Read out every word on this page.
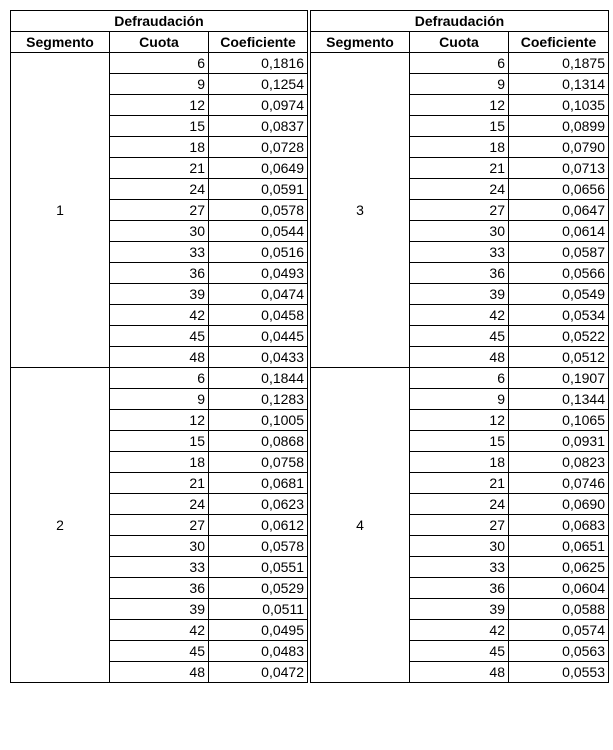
Defraudación		
Segmento	Cuota	Coeficiente
1	6	0,1816
	9	0,1254
	12	0,0974
	15	0,0837
	18	0,0728
	21	0,0649
	24	0,0591
	27	0,0578
	30	0,0544
	33	0,0516
	36	0,0493
	39	0,0474
	42	0,0458
	45	0,0445
	48	0,0433
2	6	0,1844
	9	0,1283
	12	0,1005
	15	0,0868
	18	0,0758
	21	0,0681
	24	0,0623
	27	0,0612
	30	0,0578
	33	0,0551
	36	0,0529
	39	0,0511
	42	0,0495
	45	0,0483
	48	0,0472
Defraudación		
Segmento	Cuota	Coeficiente
3	6	0,1875
	9	0,1314
	12	0,1035
	15	0,0899
	18	0,0790
	21	0,0713
	24	0,0656
	27	0,0647
	30	0,0614
	33	0,0587
	36	0,0566
	39	0,0549
	42	0,0534
	45	0,0522
	48	0,0512
4	6	0,1907
	9	0,1344
	12	0,1065
	15	0,0931
	18	0,0823
	21	0,0746
	24	0,0690
	27	0,0683
	30	0,0651
	33	0,0625
	36	0,0604
	39	0,0588
	42	0,0574
	45	0,0563
	48	0,0553
